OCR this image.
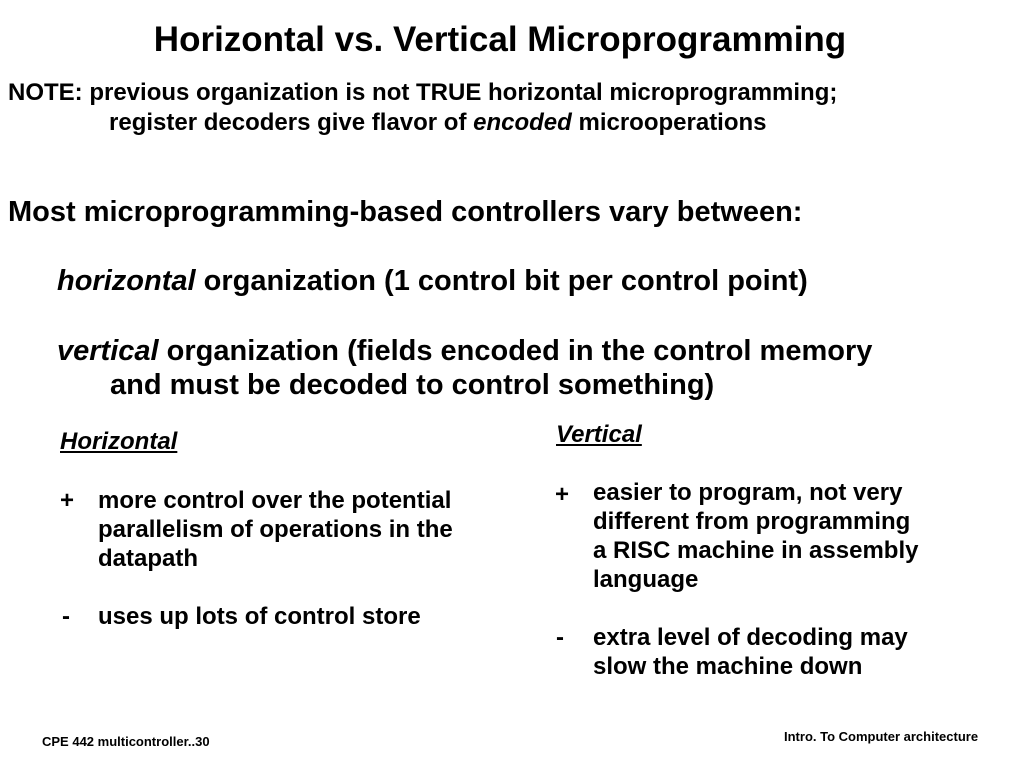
Horizontal vs. Vertical Microprogramming
NOTE: previous organization is not TRUE horizontal microprogramming;
register decoders give flavor of encoded microoperations
Most microprogramming-based controllers vary between:
horizontal organization (1 control bit per control point)
vertical organization (fields encoded in the control memory
and must be decoded to control something)
Horizontal
+ more control over the potential
parallelism of operations in the
datapath
- uses up lots of control store
Vertical
+ easier to program, not very
different from programming
a RISC machine in assembly
language
- extra level of decoding may
slow the machine down
CPE 442 multicontroller..30	Intro. To Computer architecture
